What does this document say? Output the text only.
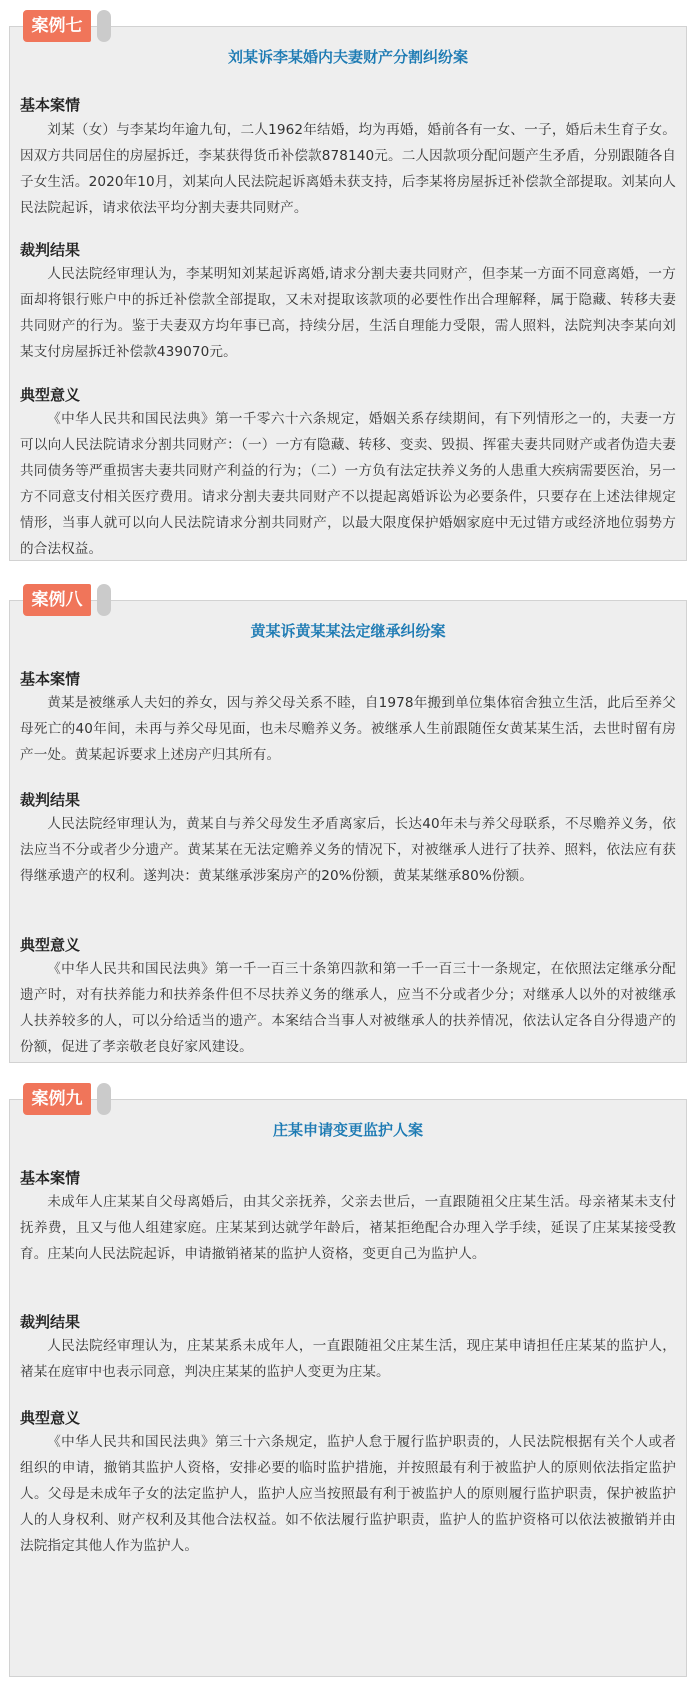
刘某诉李某婚内夫妻财产分割纠纷案

基本案情

刘某（女）与李某均年逾九旬，二人1962年结婚，均为再婚，婚前各有一女、一子，婚后未生育子女。因双方共同居住的房屋拆迁，李某获得货币补偿款878140元。二人因款项分配问题产生矛盾，分别跟随各自子女生活。2020年10月，刘某向人民法院起诉离婚未获支持，后李某将房屋拆迁补偿款全部提取。刘某向人民法院起诉，请求依法平均分割夫妻共同财产。

裁判结果

人民法院经审理认为，李某明知刘某起诉离婚,请求分割夫妻共同财产，但李某一方面不同意离婚，一方面却将银行账户中的拆迁补偿款全部提取，又未对提取该款项的必要性作出合理解释，属于隐藏、转移夫妻共同财产的行为。鉴于夫妻双方均年事已高，持续分居，生活自理能力受限，需人照料，法院判决李某向刘某支付房屋拆迁补偿款439070元。

典型意义

《中华人民共和国民法典》第一千零六十六条规定，婚姻关系存续期间，有下列情形之一的，夫妻一方可以向人民法院请求分割共同财产：（一）一方有隐藏、转移、变卖、毁损、挥霍夫妻共同财产或者伪造夫妻共同债务等严重损害夫妻共同财产利益的行为；（二）一方负有法定扶养义务的人患重大疾病需要医治，另一方不同意支付相关医疗费用。请求分割夫妻共同财产不以提起离婚诉讼为必要条件，只要存在上述法律规定情形，当事人就可以向人民法院请求分割共同财产，以最大限度保护婚姻家庭中无过错方或经济地位弱势方的合法权益。

案例七

黄某诉黄某某法定继承纠纷案

基本案情

黄某是被继承人夫妇的养女，因与养父母关系不睦，自1978年搬到单位集体宿舍独立生活，此后至养父母死亡的40年间，未再与养父母见面，也未尽赡养义务。被继承人生前跟随侄女黄某某生活，去世时留有房产一处。黄某起诉要求上述房产归其所有。

裁判结果

人民法院经审理认为，黄某自与养父母发生矛盾离家后，长达40年未与养父母联系，不尽赡养义务，依法应当不分或者少分遗产。黄某某在无法定赡养义务的情况下，对被继承人进行了扶养、照料，依法应有获得继承遗产的权利。遂判决：黄某继承涉案房产的20%份额，黄某某继承80%份额。

典型意义

《中华人民共和国民法典》第一千一百三十条第四款和第一千一百三十一条规定，在依照法定继承分配遗产时，对有扶养能力和扶养条件但不尽扶养义务的继承人，应当不分或者少分；对继承人以外的对被继承人扶养较多的人，可以分给适当的遗产。本案结合当事人对被继承人的扶养情况，依法认定各自分得遗产的份额，促进了孝亲敬老良好家风建设。

案例八

庄某申请变更监护人案

基本案情

未成年人庄某某自父母离婚后，由其父亲抚养，父亲去世后，一直跟随祖父庄某生活。母亲禇某未支付抚养费，且又与他人组建家庭。庄某某到达就学年龄后，禇某拒绝配合办理入学手续，延误了庄某某接受教育。庄某向人民法院起诉，申请撤销禇某的监护人资格，变更自己为监护人。

裁判结果

人民法院经审理认为，庄某某系未成年人，一直跟随祖父庄某生活，现庄某申请担任庄某某的监护人，禇某在庭审中也表示同意，判决庄某某的监护人变更为庄某。

典型意义

《中华人民共和国民法典》第三十六条规定，监护人怠于履行监护职责的，人民法院根据有关个人或者组织的申请，撤销其监护人资格，安排必要的临时监护措施，并按照最有利于被监护人的原则依法指定监护人。父母是未成年子女的法定监护人，监护人应当按照最有利于被监护人的原则履行监护职责，保护被监护人的人身权利、财产权利及其他合法权益。如不依法履行监护职责，监护人的监护资格可以依法被撤销并由法院指定其他人作为监护人。

案例九
